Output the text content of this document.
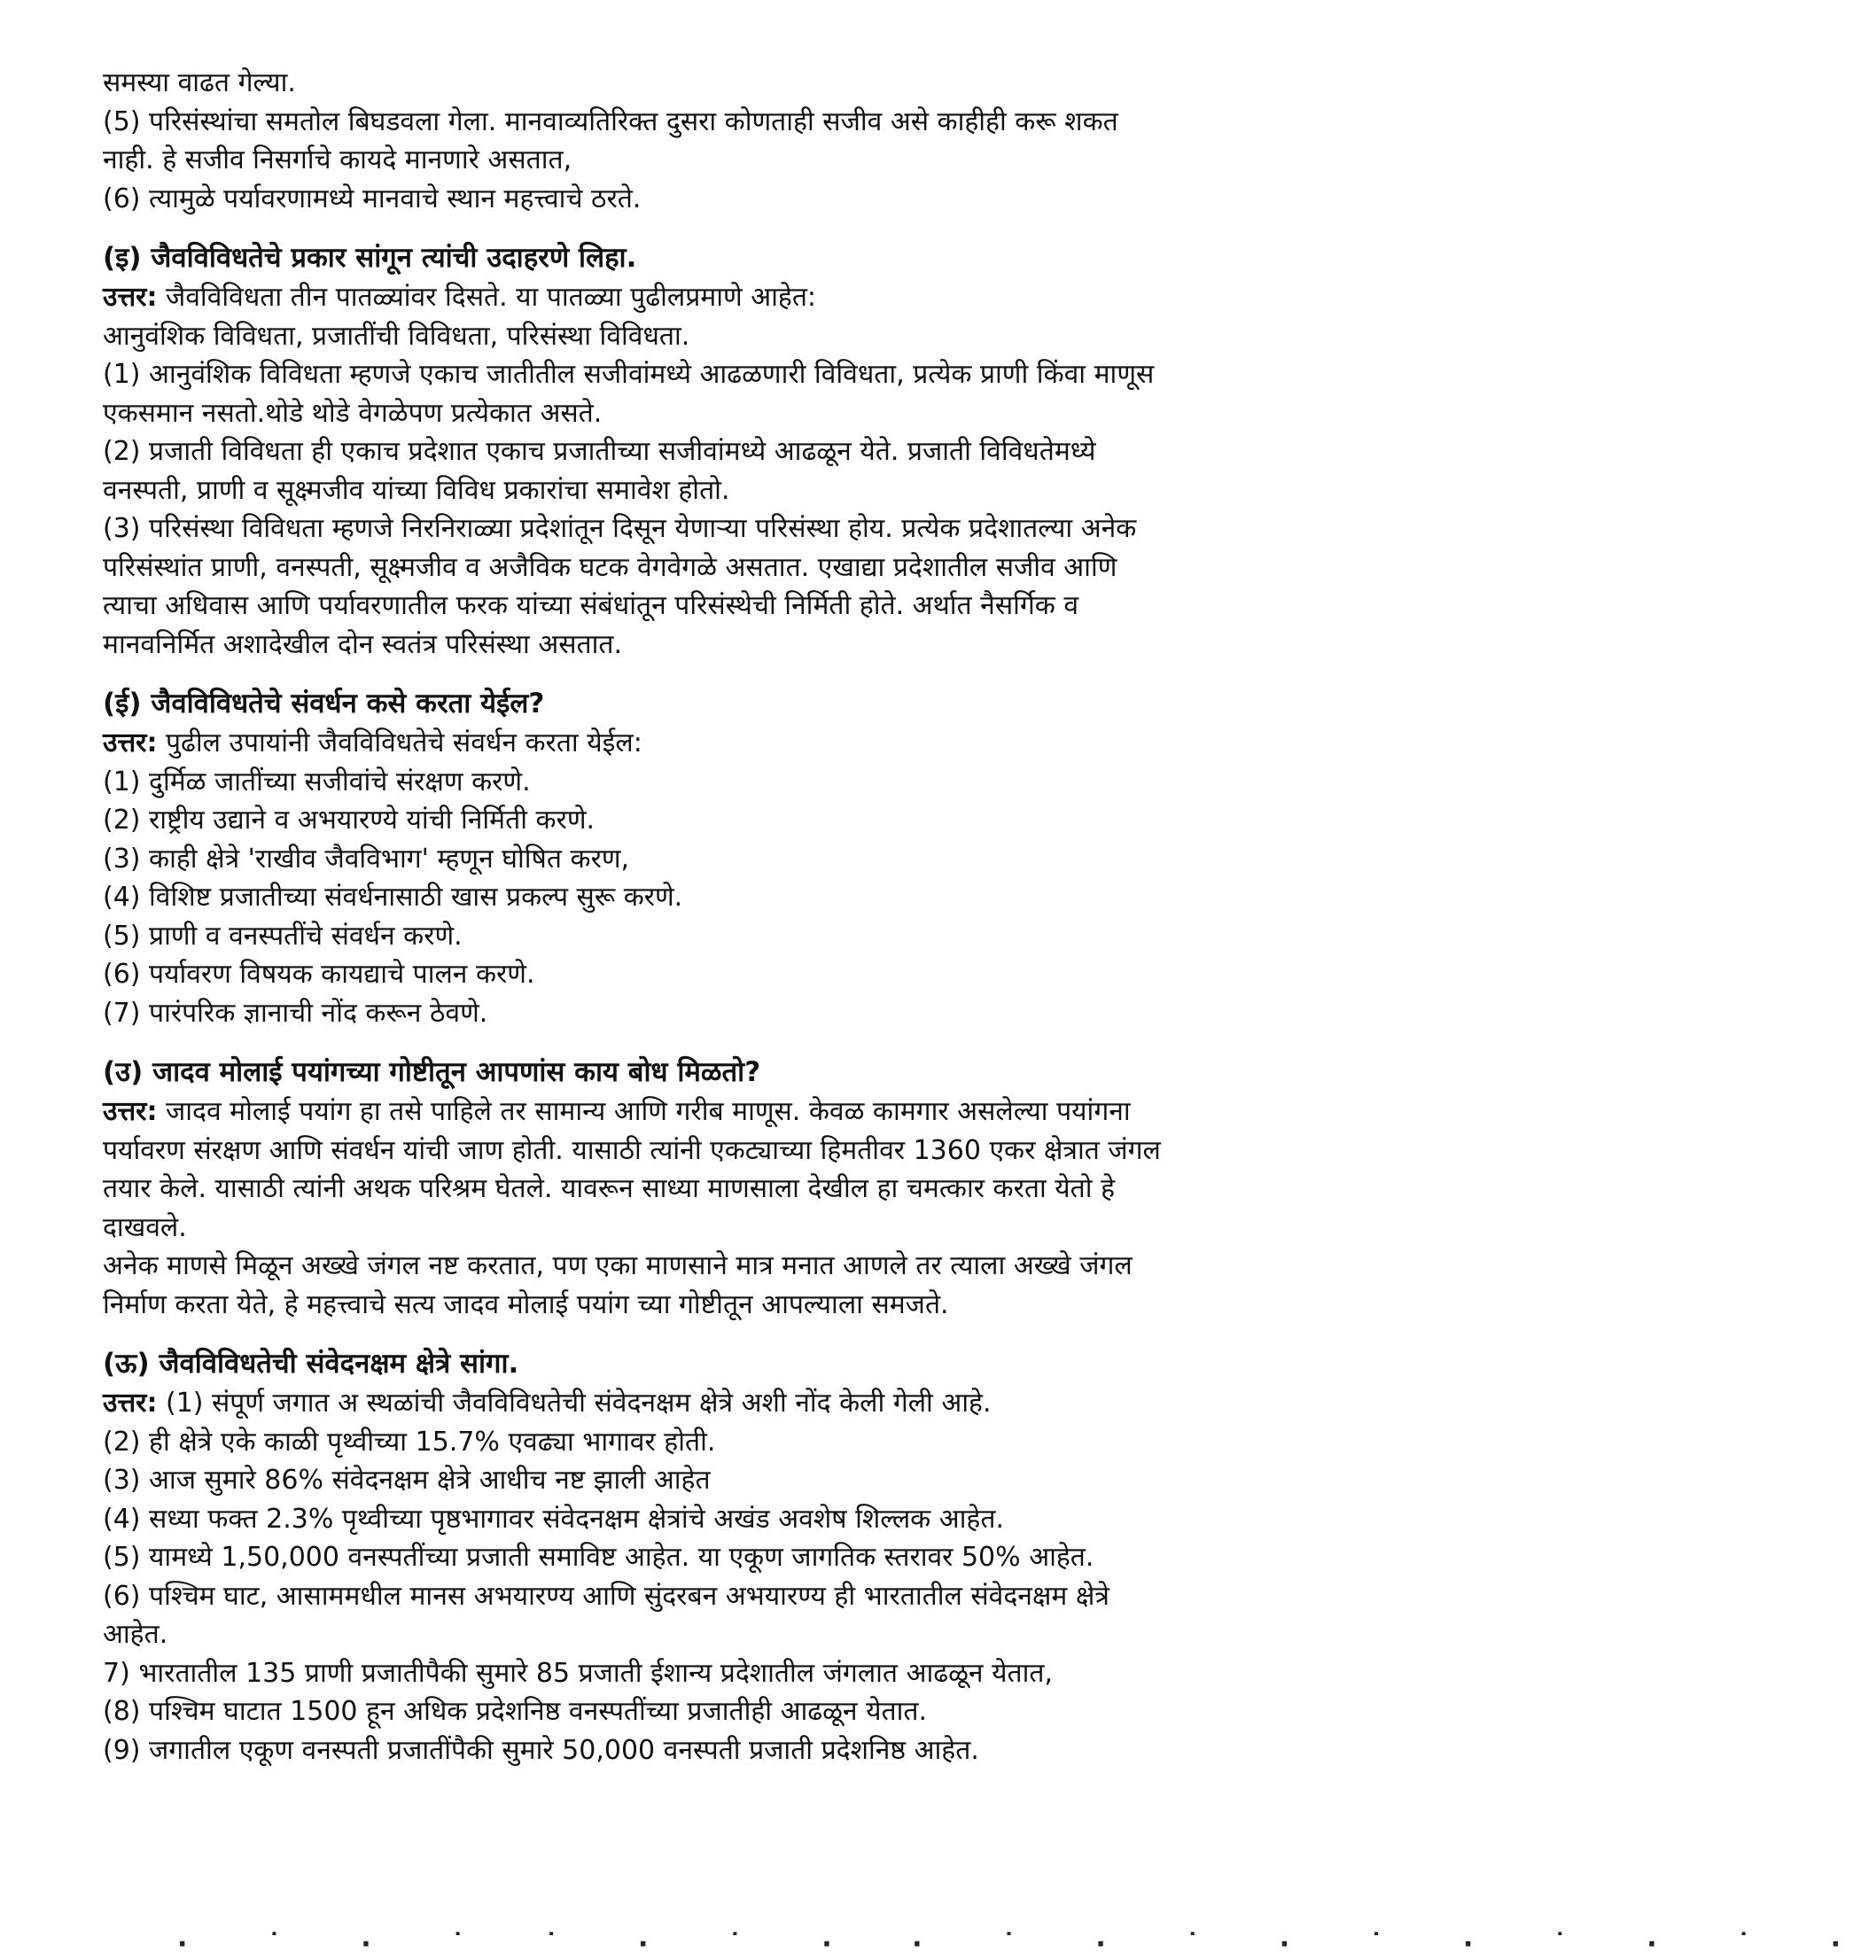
समस्या वाढत गेल्या.
(5) परिसंस्थांचा समतोल बिघडवला गेला. मानवाव्यतिरिक्त दुसरा कोणताही सजीव असे काहीही करू शकत
नाही. हे सजीव निसर्गाचे कायदे मानणारे असतात,
(6) त्यामुळे पर्यावरणामध्ये मानवाचे स्थान महत्त्वाचे ठरते.
(इ) जैवविविधतेचे प्रकार सांगून त्यांची उदाहरणे लिहा.
उत्तर: जैवविविधता तीन पातळ्यांवर दिसते. या पातळ्या पुढीलप्रमाणे आहेत:
आनुवंशिक विविधता, प्रजातींची विविधता, परिसंस्था विविधता.
(1) आनुवंशिक विविधता म्हणजे एकाच जातीतील सजीवांमध्ये आढळणारी विविधता, प्रत्येक प्राणी किंवा माणूस
एकसमान नसतो.थोडे थोडे वेगळेपण प्रत्येकात असते.
(2) प्रजाती विविधता ही एकाच प्रदेशात एकाच प्रजातीच्या सजीवांमध्ये आढळून येते. प्रजाती विविधतेमध्ये
वनस्पती, प्राणी व सूक्ष्मजीव यांच्या विविध प्रकारांचा समावेश होतो.
(3) परिसंस्था विविधता म्हणजे निरनिराळ्या प्रदेशांतून दिसून येणाऱ्या परिसंस्था होय. प्रत्येक प्रदेशातल्या अनेक
परिसंस्थांत प्राणी, वनस्पती, सूक्ष्मजीव व अजैविक घटक वेगवेगळे असतात. एखाद्या प्रदेशातील सजीव आणि
त्याचा अधिवास आणि पर्यावरणातील फरक यांच्या संबंधांतून परिसंस्थेची निर्मिती होते. अर्थात नैसर्गिक व
मानवनिर्मित अशादेखील दोन स्वतंत्र परिसंस्था असतात.
(ई) जैवविविधतेचे संवर्धन कसे करता येईल?
उत्तर: पुढील उपायांनी जैवविविधतेचे संवर्धन करता येईल:
(1) दुर्मिळ जातींच्या सजीवांचे संरक्षण करणे.
(2) राष्ट्रीय उद्याने व अभयारण्ये यांची निर्मिती करणे.
(3) काही क्षेत्रे 'राखीव जैवविभाग' म्हणून घोषित करण,
(4) विशिष्ट प्रजातीच्या संवर्धनासाठी खास प्रकल्प सुरू करणे.
(5) प्राणी व वनस्पतींचे संवर्धन करणे.
(6) पर्यावरण विषयक कायद्याचे पालन करणे.
(7) पारंपरिक ज्ञानाची नोंद करून ठेवणे.
(उ) जादव मोलाई पयांगच्या गोष्टीतून आपणांस काय बोध मिळतो?
उत्तर: जादव मोलाई पयांग हा तसे पाहिले तर सामान्य आणि गरीब माणूस. केवळ कामगार असलेल्या पयांगना
पर्यावरण संरक्षण आणि संवर्धन यांची जाण होती. यासाठी त्यांनी एकट्याच्या हिमतीवर 1360 एकर क्षेत्रात जंगल
तयार केले. यासाठी त्यांनी अथक परिश्रम घेतले. यावरून साध्या माणसाला देखील हा चमत्कार करता येतो हे
दाखवले.
अनेक माणसे मिळून अख्खे जंगल नष्ट करतात, पण एका माणसाने मात्र मनात आणले तर त्याला अख्खे जंगल
निर्माण करता येते, हे महत्त्वाचे सत्य जादव मोलाई पयांग च्या गोष्टीतून आपल्याला समजते.
(ऊ) जैवविविधतेची संवेदनक्षम क्षेत्रे सांगा.
उत्तर: (1) संपूर्ण जगात अ स्थळांची जैवविविधतेची संवेदनक्षम क्षेत्रे अशी नोंद केली गेली आहे.
(2) ही क्षेत्रे एके काळी पृथ्वीच्या 15.7% एवढ्या भागावर होती.
(3) आज सुमारे 86% संवेदनक्षम क्षेत्रे आधीच नष्ट झाली आहेत
(4) सध्या फक्त 2.3% पृथ्वीच्या पृष्ठभागावर संवेदनक्षम क्षेत्रांचे अखंड अवशेष शिल्लक आहेत.
(5) यामध्ये 1,50,000 वनस्पतींच्या प्रजाती समाविष्ट आहेत. या एकूण जागतिक स्तरावर 50% आहेत.
(6) पश्चिम घाट, आसाममधील मानस अभयारण्य आणि सुंदरबन अभयारण्य ही भारतातील संवेदनक्षम क्षेत्रे
आहेत.
7) भारतातील 135 प्राणी प्रजातीपैकी सुमारे 85 प्रजाती ईशान्य प्रदेशातील जंगलात आढळून येतात,
(8) पश्चिम घाटात 1500 हून अधिक प्रदेशनिष्ठ वनस्पतींच्या प्रजातीही आढळून येतात.
(9) जगातील एकूण वनस्पती प्रजातींपैकी सुमारे 50,000 वनस्पती प्रजाती प्रदेशनिष्ठ आहेत.
· ˙ · ˙ ˙ · ˙ · · ˙ · ˙ · ˙ · ˙ · ˙ ·
